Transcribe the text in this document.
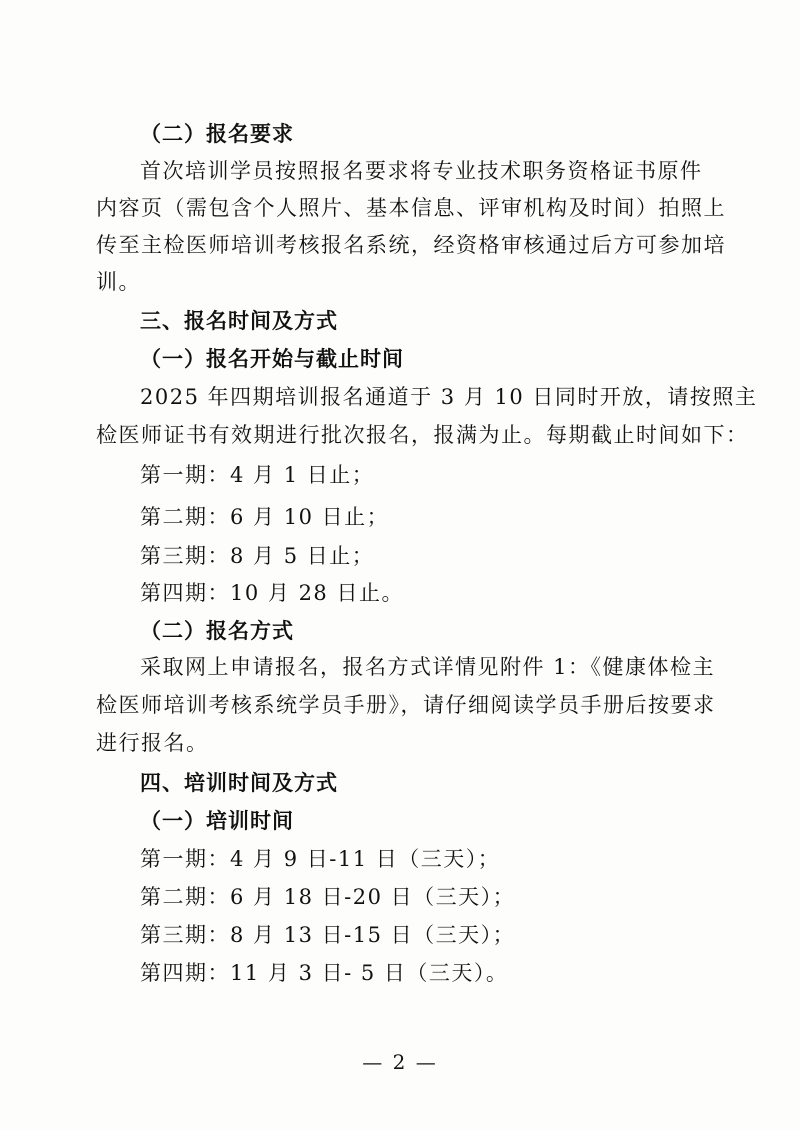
（二）报名要求
首次培训学员按照报名要求将专业技术职务资格证书原件
内容页（需包含个人照片、基本信息、评审机构及时间）拍照上
传至主检医师培训考核报名系统，经资格审核通过后方可参加培
训。
三、报名时间及方式
（一）报名开始与截止时间
2025 年四期培训报名通道于 3 月 10 日同时开放，请按照主
检医师证书有效期进行批次报名，报满为止。每期截止时间如下：
第一期：4 月 1 日止；
第二期：6 月 10 日止；
第三期：8 月 5 日止；
第四期：10 月 28 日止。
（二）报名方式
采取网上申请报名，报名方式详情见附件 1：《健康体检主
检医师培训考核系统学员手册》，请仔细阅读学员手册后按要求
进行报名。
四、培训时间及方式
（一）培训时间
第一期：4 月 9 日-11 日（三天）；
第二期：6 月 18 日-20 日（三天）；
第三期：8 月 13 日-15 日（三天）；
第四期：11 月 3 日- 5 日（三天）。
— 2 —
